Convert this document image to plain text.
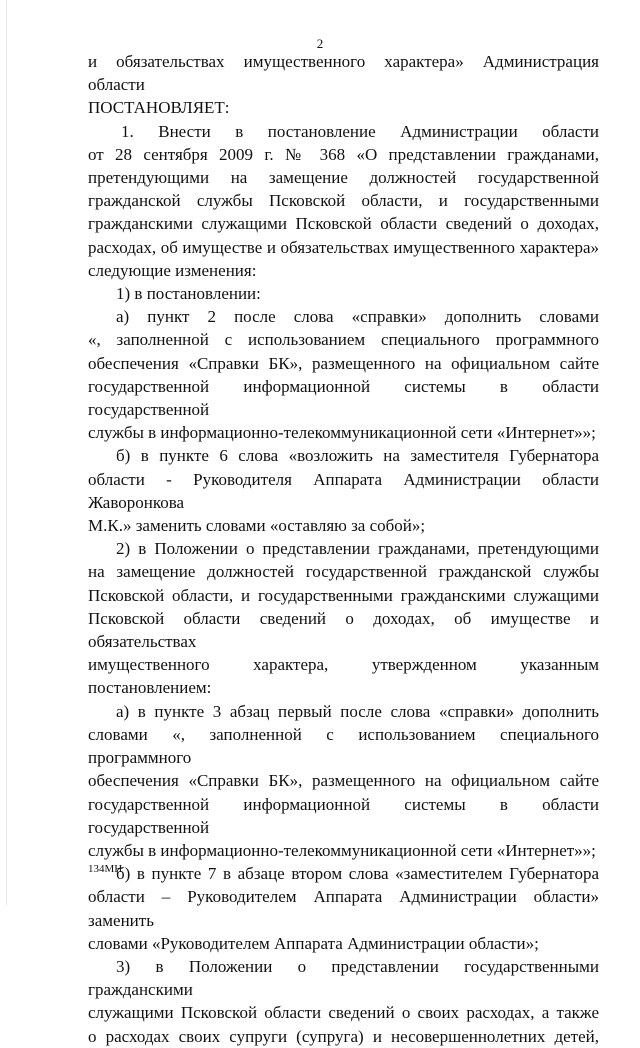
2

и обязательствах имущественного характера» Администрация области

ПОСТАНОВЛЯЕТ:

1. Внести в постановление Администрации области

от 28 сентября 2009 г. № 368 «О представлении гражданами,

претендующими на замещение должностей государственной

гражданской службы Псковской области, и государственными

гражданскими служащими Псковской области сведений о доходах,

расходах, об имуществе и обязательствах имущественного характера»

следующие изменения:

1) в постановлении:

а) пункт 2 после слова «справки» дополнить словами

«, заполненной с использованием специального программного

обеспечения «Справки БК», размещенного на официальном сайте

государственной информационной системы в области государственной

службы в информационно-телекоммуникационной сети «Интернет»»;

б) в пункте 6 слова «возложить на заместителя Губернатора

области - Руководителя Аппарата Администрации области Жаворонкова

М.К.» заменить словами «оставляю за собой»;

2) в Положении о представлении гражданами, претендующими

на замещение должностей государственной гражданской службы

Псковской области, и государственными гражданскими служащими

Псковской области сведений о доходах, об имуществе и обязательствах

имущественного характера, утвержденном указанным постановлением:

а) в пункте 3 абзац первый после слова «справки» дополнить

словами «, заполненной с использованием специального программного

обеспечения «Справки БК», размещенного на официальном сайте

государственной информационной системы в области государственной

службы в информационно-телекоммуникационной сети «Интернет»»;

б) в пункте 7 в абзаце втором слова «заместителем Губернатора

области – Руководителем Аппарата Администрации области» заменить

словами «Руководителем Аппарата Администрации области»;

3) в Положении о представлении государственными гражданскими

служащими Псковской области сведений о своих расходах, а также

о расходах своих супруги (супруга) и несовершеннолетних детей,

134МН
